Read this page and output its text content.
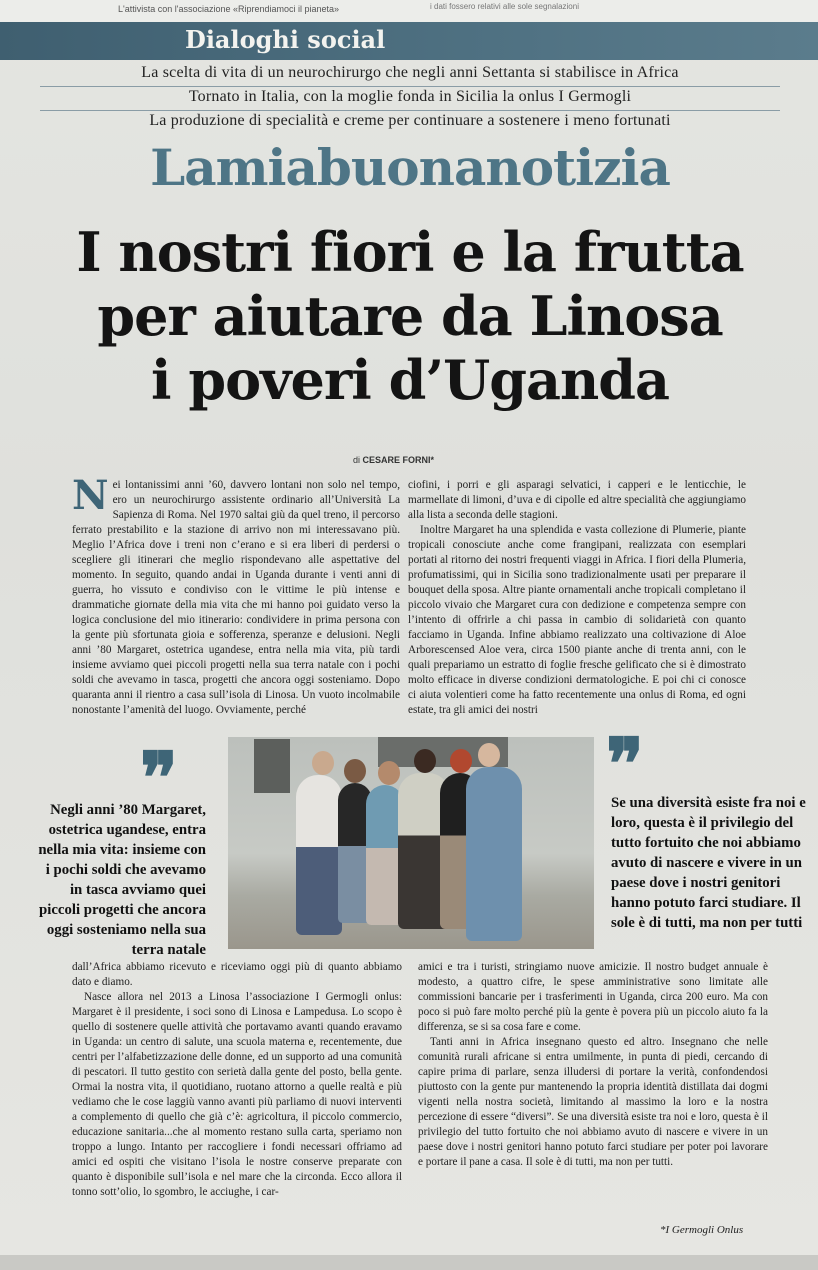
L'attivista con l'associazione «Riprendiamoci il pianeta»	i dati fossero relativi alle sole segnalazioni
Dialoghi social
La scelta di vita di un neurochirurgo che negli anni Settanta si stabilisce in Africa
Tornato in Italia, con la moglie fonda in Sicilia la onlus I Germogli
La produzione di specialità e creme per continuare a sostenere i meno fortunati
Lamiabuonanotizia
I nostri fiori e la frutta
per aiutare da Linosa
i poveri d’Uganda
di CESARE FORNI*

Nei lontanissimi anni ’60, davvero lontani non solo nel tempo, ero un neurochirurgo assistente ordinario all’Università La Sapienza di Roma. Nel 1970 saltai giù da quel treno, il percorso ferrato prestabilito e la stazione di arrivo non mi interessavano più. Meglio l’Africa dove i treni non c’erano e si era liberi di perdersi o scegliere gli itinerari che meglio rispondevano alle aspettative del momento. In seguito, quando andai in Uganda durante i venti anni di guerra, ho vissuto e condiviso con le vittime le più intense e drammatiche giornate della mia vita che mi hanno poi guidato verso la logica conclusione del mio itinerario: condividere in prima persona con la gente più sfortunata gioia e sofferenza, speranze e delusioni. Negli anni ’80 Margaret, ostetrica ugandese, entra nella mia vita, più tardi insieme avviamo quei piccoli progetti nella sua terra natale con i pochi soldi che avevamo in tasca, progetti che ancora oggi sosteniamo. Dopo quaranta anni il rientro a casa sull’isola di Linosa. Un vuoto incolmabile nonostante l’amenità del luogo. Ovviamente, perché

ciofini, i porri e gli asparagi selvatici, i capperi e le lenticchie, le marmellate di limoni, d’uva e di cipolle ed altre specialità che aggiungiamo alla lista a seconda delle stagioni.

Inoltre Margaret ha una splendida e vasta collezione di Plumerie, piante tropicali conosciute anche come frangipani, realizzata con esemplari portati al ritorno dei nostri frequenti viaggi in Africa. I fiori della Plumeria, profumatissimi, qui in Sicilia sono tradizionalmente usati per preparare il bouquet della sposa. Altre piante ornamentali anche tropicali completano il piccolo vivaio che Margaret cura con dedizione e competenza sempre con l’intento di offrirle a chi passa in cambio di solidarietà con quanto facciamo in Uganda. Infine abbiamo realizzato una coltivazione di Aloe Arborescensed Aloe vera, circa 1500 piante anche di trenta anni, con le quali prepariamo un estratto di foglie fresche gelificato che si è dimostrato molto efficace in diverse condizioni dermatologiche. E poi chi ci conosce ci aiuta volentieri come ha fatto recentemente una onlus di Roma, ed ogni estate, tra gli amici dei nostri

❞
Negli anni ’80 Margaret, ostetrica ugandese, entra nella mia vita: insieme con i pochi soldi che avevamo in tasca avviamo quei piccoli progetti che ancora oggi sosteniamo nella sua terra natale
❞
Se una diversità esiste fra noi e loro, questa è il privilegio del tutto fortuito che noi abbiamo avuto di nascere e vivere in un paese dove i nostri genitori hanno potuto farci studiare. Il sole è di tutti, ma non per tutti

dall’Africa abbiamo ricevuto e riceviamo oggi più di quanto abbiamo dato e diamo.

Nasce allora nel 2013 a Linosa l’associazione I Germogli onlus: Margaret è il presidente, i soci sono di Linosa e Lampedusa. Lo scopo è quello di sostenere quelle attività che portavamo avanti quando eravamo in Uganda: un centro di salute, una scuola materna e, recentemente, due centri per l’alfabetizzazione delle donne, ed un supporto ad una comunità di pescatori. Il tutto gestito con serietà dalla gente del posto, bella gente. Ormai la nostra vita, il quotidiano, ruotano attorno a quelle realtà e più vediamo che le cose laggiù vanno avanti più parliamo di nuovi interventi a complemento di quello che già c’è: agricoltura, il piccolo commercio, educazione sanitaria...che al momento restano sulla carta, speriamo non troppo a lungo. Intanto per raccogliere i fondi necessari offriamo ad amici ed ospiti che visitano l’isola le nostre conserve preparate con quanto è disponibile sull’isola e nel mare che la circonda. Ecco allora il tonno sott’olio, lo sgombro, le acciughe, i car-

amici e tra i turisti, stringiamo nuove amicizie. Il nostro budget annuale è modesto, a quattro cifre, le spese amministrative sono limitate alle commissioni bancarie per i trasferimenti in Uganda, circa 200 euro. Ma con poco si può fare molto perché più la gente è povera più un piccolo aiuto fa la differenza, se si sa cosa fare e come.

Tanti anni in Africa insegnano questo ed altro. Insegnano che nelle comunità rurali africane si entra umilmente, in punta di piedi, cercando di capire prima di parlare, senza illudersi di portare la verità, confondendosi piuttosto con la gente pur mantenendo la propria identità distillata dai dogmi vigenti nella nostra società, limitando al massimo la loro e la nostra percezione di essere “diversi”. Se una diversità esiste tra noi e loro, questa è il privilegio del tutto fortuito che noi abbiamo avuto di nascere e vivere in un paese dove i nostri genitori hanno potuto farci studiare per poter poi lavorare e portare il pane a casa. Il sole è di tutti, ma non per tutti.

*I Germogli Onlus
